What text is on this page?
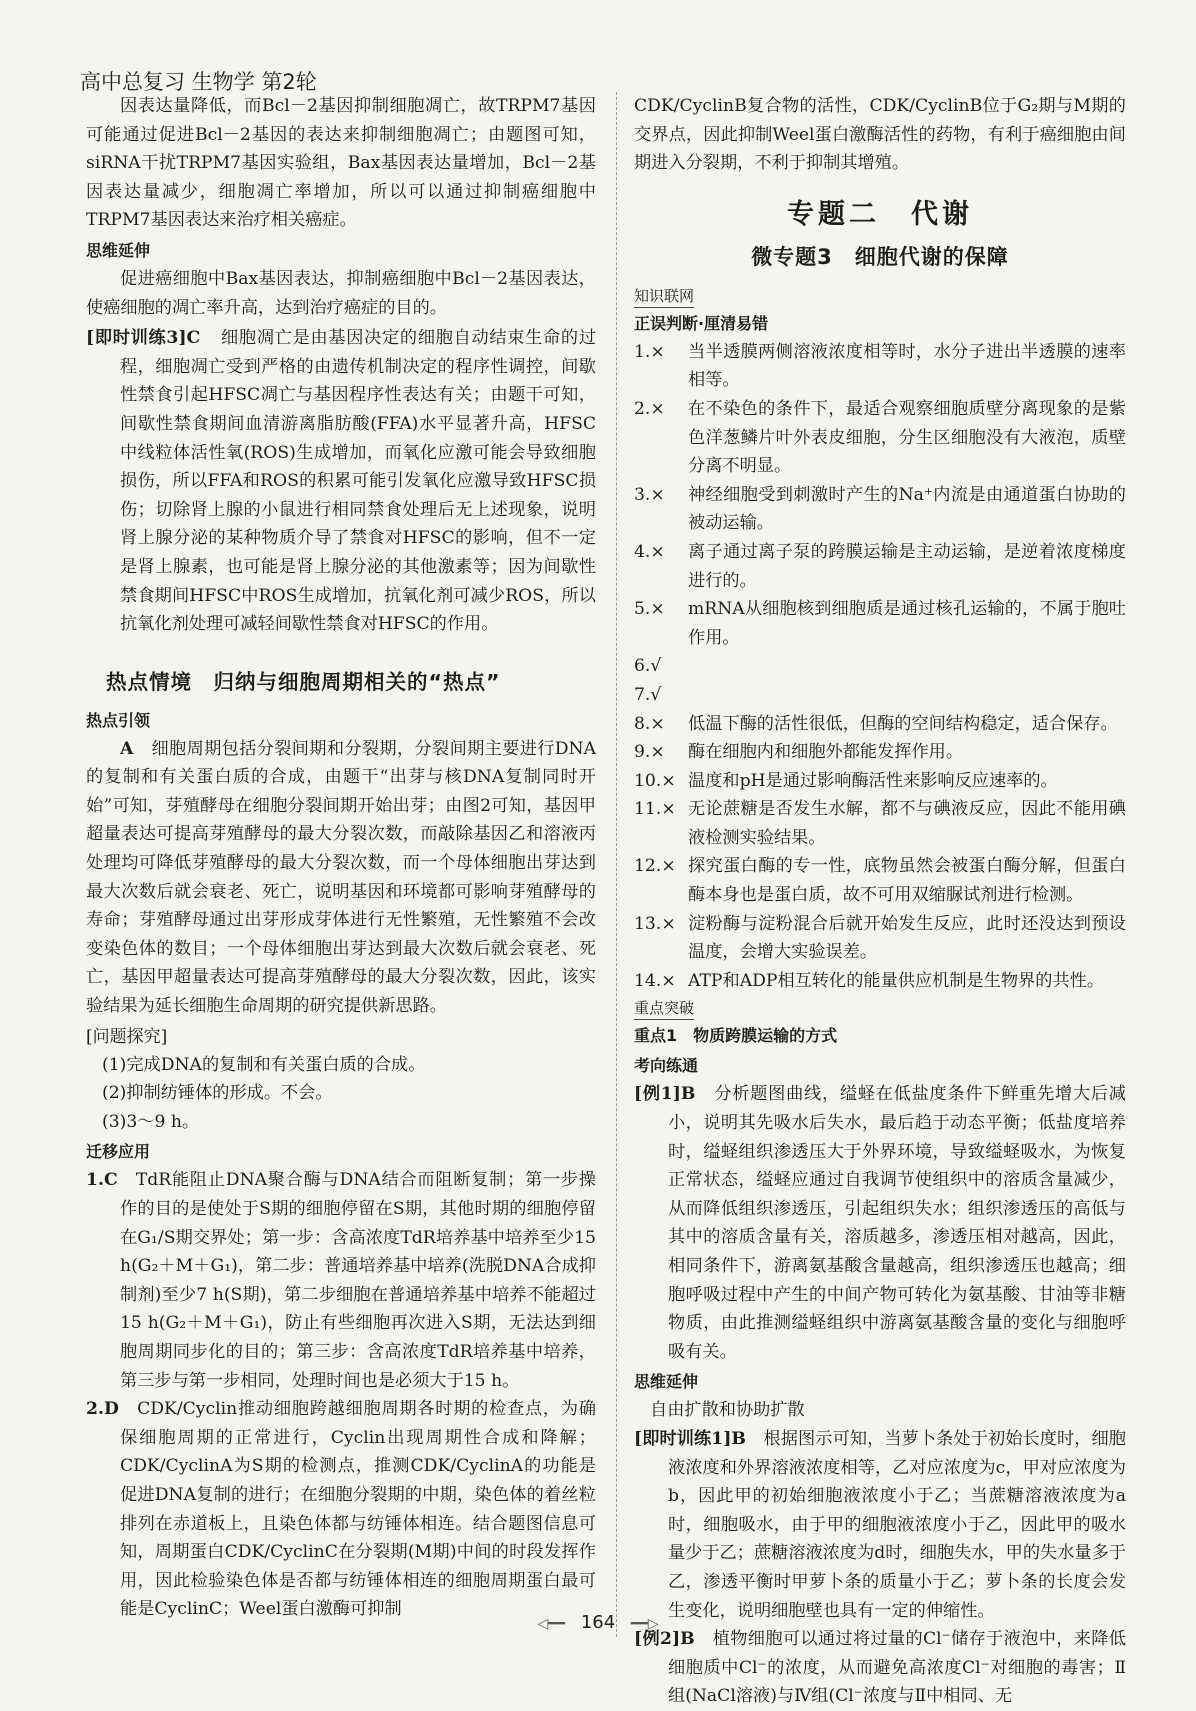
高中总复习 生物学 第2轮

因表达量降低，而Bcl－2基因抑制细胞凋亡，故TRPM7基因可能通过促进Bcl－2基因的表达来抑制细胞凋亡；由题图可知，siRNA干扰TRPM7基因实验组，Bax基因表达量增加，Bcl－2基因表达量减少，细胞凋亡率增加，所以可以通过抑制癌细胞中TRPM7基因表达来治疗相关癌症。

思维延伸

促进癌细胞中Bax基因表达，抑制癌细胞中Bcl－2基因表达，使癌细胞的凋亡率升高，达到治疗癌症的目的。

[即时训练3]C 细胞凋亡是由基因决定的细胞自动结束生命的过程，细胞凋亡受到严格的由遗传机制决定的程序性调控，间歇性禁食引起HFSC凋亡与基因程序性表达有关；由题干可知，间歇性禁食期间血清游离脂肪酸(FFA)水平显著升高，HFSC中线粒体活性氧(ROS)生成增加，而氧化应激可能会导致细胞损伤，所以FFA和ROS的积累可能引发氧化应激导致HFSC损伤；切除肾上腺的小鼠进行相同禁食处理后无上述现象，说明肾上腺分泌的某种物质介导了禁食对HFSC的影响，但不一定是肾上腺素，也可能是肾上腺分泌的其他激素等；因为间歇性禁食期间HFSC中ROS生成增加，抗氧化剂可减少ROS，所以抗氧化剂处理可减轻间歇性禁食对HFSC的作用。

热点情境　归纳与细胞周期相关的“热点”
热点引领

A 细胞周期包括分裂间期和分裂期，分裂间期主要进行DNA的复制和有关蛋白质的合成，由题干“出芽与核DNA复制同时开始”可知，芽殖酵母在细胞分裂间期开始出芽；由图2可知，基因甲超量表达可提高芽殖酵母的最大分裂次数，而敲除基因乙和溶液丙处理均可降低芽殖酵母的最大分裂次数，而一个母体细胞出芽达到最大次数后就会衰老、死亡，说明基因和环境都可影响芽殖酵母的寿命；芽殖酵母通过出芽形成芽体进行无性繁殖，无性繁殖不会改变染色体的数目；一个母体细胞出芽达到最大次数后就会衰老、死亡，基因甲超量表达可提高芽殖酵母的最大分裂次数，因此，该实验结果为延长细胞生命周期的研究提供新思路。

[问题探究]

(1)完成DNA的复制和有关蛋白质的合成。

(2)抑制纺锤体的形成。不会。

(3)3～9 h。

迁移应用

1.C TdR能阻止DNA聚合酶与DNA结合而阻断复制；第一步操作的目的是使处于S期的细胞停留在S期，其他时期的细胞停留在G₁/S期交界处；第一步：含高浓度TdR培养基中培养至少15 h(G₂＋M＋G₁)，第二步：普通培养基中培养(洗脱DNA合成抑制剂)至少7 h(S期)，第二步细胞在普通培养基中培养不能超过15 h(G₂＋M＋G₁)，防止有些细胞再次进入S期，无法达到细胞周期同步化的目的；第三步：含高浓度TdR培养基中培养，第三步与第一步相同，处理时间也是必须大于15 h。

2.D CDK/Cyclin推动细胞跨越细胞周期各时期的检查点，为确保细胞周期的正常进行，Cyclin出现周期性合成和降解；CDK/CyclinA为S期的检测点，推测CDK/CyclinA的功能是促进DNA复制的进行；在细胞分裂期的中期，染色体的着丝粒排列在赤道板上，且染色体都与纺锤体相连。结合题图信息可知，周期蛋白CDK/CyclinC在分裂期(M期)中间的时段发挥作用，因此检验染色体是否都与纺锤体相连的细胞周期蛋白最可能是CyclinC；Weel蛋白激酶可抑制

CDK/CyclinB复合物的活性，CDK/CyclinB位于G₂期与M期的交界点，因此抑制Weel蛋白激酶活性的药物，有利于癌细胞由间期进入分裂期，不利于抑制其增殖。

专题二　代谢
微专题3　细胞代谢的保障
知识联网
正误判断·厘清易错
1.×	当半透膜两侧溶液浓度相等时，水分子进出半透膜的速率相等。
2.×	在不染色的条件下，最适合观察细胞质壁分离现象的是紫色洋葱鳞片叶外表皮细胞，分生区细胞没有大液泡，质壁分离不明显。
3.×	神经细胞受到刺激时产生的Na⁺内流是由通道蛋白协助的被动运输。
4.×	离子通过离子泵的跨膜运输是主动运输，是逆着浓度梯度进行的。
5.×	mRNA从细胞核到细胞质是通过核孔运输的，不属于胞吐作用。
6.√
7.√
8.×	低温下酶的活性很低，但酶的空间结构稳定，适合保存。
9.×	酶在细胞内和细胞外都能发挥作用。
10.× 温度和pH是通过影响酶活性来影响反应速率的。
11.× 无论蔗糖是否发生水解，都不与碘液反应，因此不能用碘液检测实验结果。
12.× 探究蛋白酶的专一性，底物虽然会被蛋白酶分解，但蛋白酶本身也是蛋白质，故不可用双缩脲试剂进行检测。
13.× 淀粉酶与淀粉混合后就开始发生反应，此时还没达到预设温度，会增大实验误差。
14.× ATP和ADP相互转化的能量供应机制是生物界的共性。
重点突破
重点1　物质跨膜运输的方式
考向练通

[例1]B 分析题图曲线，缢蛏在低盐度条件下鲜重先增大后减小，说明其先吸水后失水，最后趋于动态平衡；低盐度培养时，缢蛏组织渗透压大于外界环境，导致缢蛏吸水，为恢复正常状态，缢蛏应通过自我调节使组织中的溶质含量减少，从而降低组织渗透压，引起组织失水；组织渗透压的高低与其中的溶质含量有关，溶质越多，渗透压相对越高，因此，相同条件下，游离氨基酸含量越高，组织渗透压也越高；细胞呼吸过程中产生的中间产物可转化为氨基酸、甘油等非糖物质，由此推测缢蛏组织中游离氨基酸含量的变化与细胞呼吸有关。

思维延伸

自由扩散和协助扩散

[即时训练1]B 根据图示可知，当萝卜条处于初始长度时，细胞液浓度和外界溶液浓度相等，乙对应浓度为c，甲对应浓度为b，因此甲的初始细胞液浓度小于乙；当蔗糖溶液浓度为a时，细胞吸水，由于甲的细胞液浓度小于乙，因此甲的吸水量少于乙；蔗糖溶液浓度为d时，细胞失水，甲的失水量多于乙，渗透平衡时甲萝卜条的质量小于乙；萝卜条的长度会发生变化，说明细胞壁也具有一定的伸缩性。

[例2]B 植物细胞可以通过将过量的Cl⁻储存于液泡中，来降低细胞质中Cl⁻的浓度，从而避免高浓度Cl⁻对细胞的毒害；Ⅱ组(NaCl溶液)与Ⅳ组(Cl⁻浓度与Ⅱ中相同、无

◁━━ 164 ━━▷
